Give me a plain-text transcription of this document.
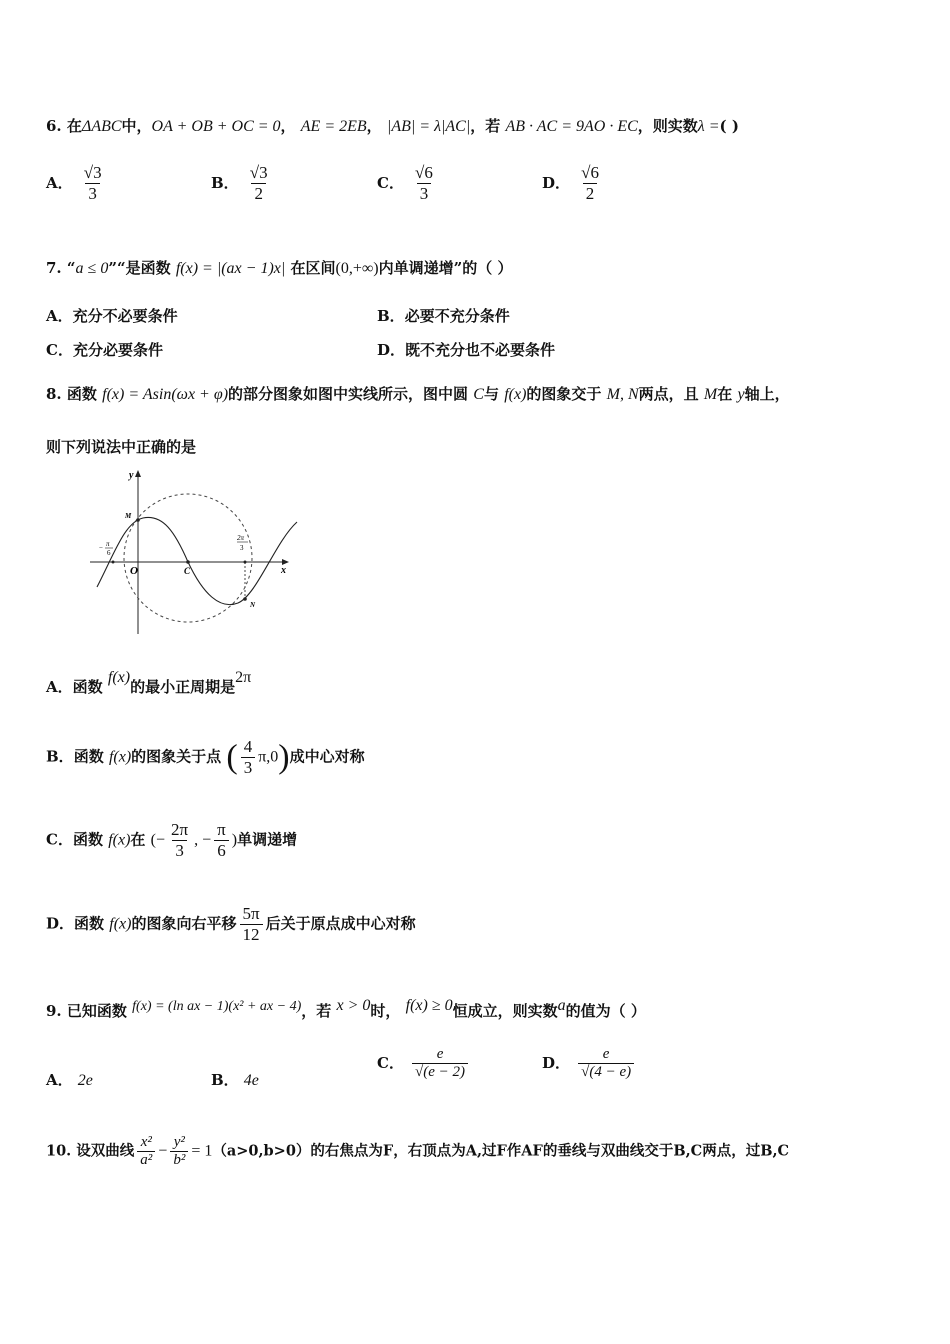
6. 在ΔABC中，OA + OB + OC = 0， AE = 2EB， |AB| = λ|AC|，若 AB · AC = 9AO · EC，则实数λ =( )
A． $\frac{√3}{3}$	B． $\frac{√3}{2}$	C． $\frac{√6}{3}$	D． $\frac{√6}{2}$
7. “a ≤ 0”“是函数 f(x) = |(ax − 1)x| 在区间(0,+∞)内单调递增”的（ ）
A．充分不必要条件	B．必要不充分条件
C．充分必要条件	D．既不充分也不必要条件
8. 函数 f(x) = Asin(ωx + φ)的部分图象如图中实线所示，图中圆 C与 f(x)的图象交于 M, N两点，且 M在 y轴上，
则下列说法中正确的是
y
x
O
M
N
C
− π
6
2π
3
A．函数 f(x)的最小正周期是2π
B．函数 f(x)的图象关于点 ( $\frac{4}{3} \pi,0$)成中心对称
C．函数 f(x)在 (− $\frac{2\pi}{3}$ , − $\frac{\pi}{6}$ )单调递增
D．函数 f(x)的图象向右平移 $\frac{5\pi}{12}$ 后关于原点成中心对称
9. 已知函数 f(x) = (ln ax − 1)(x² + ax − 4)，若 x > 0时， f(x) ≥ 0恒成立，则实数a的值为（ ）
A． 2e	B． 4e
C． $\frac{e}{√(e - 2)}$	D． $\frac{e}{√(4 - e)}$
10. 设双曲线 $\frac{\text{x²}}{\text{a²}} - \frac{\text{y²}}{\text{b²}} = 1(a>0,b>0)$的右焦点为F，右顶点为A,过F作AF的垂线与双曲线交于B,C两点，过B,C
